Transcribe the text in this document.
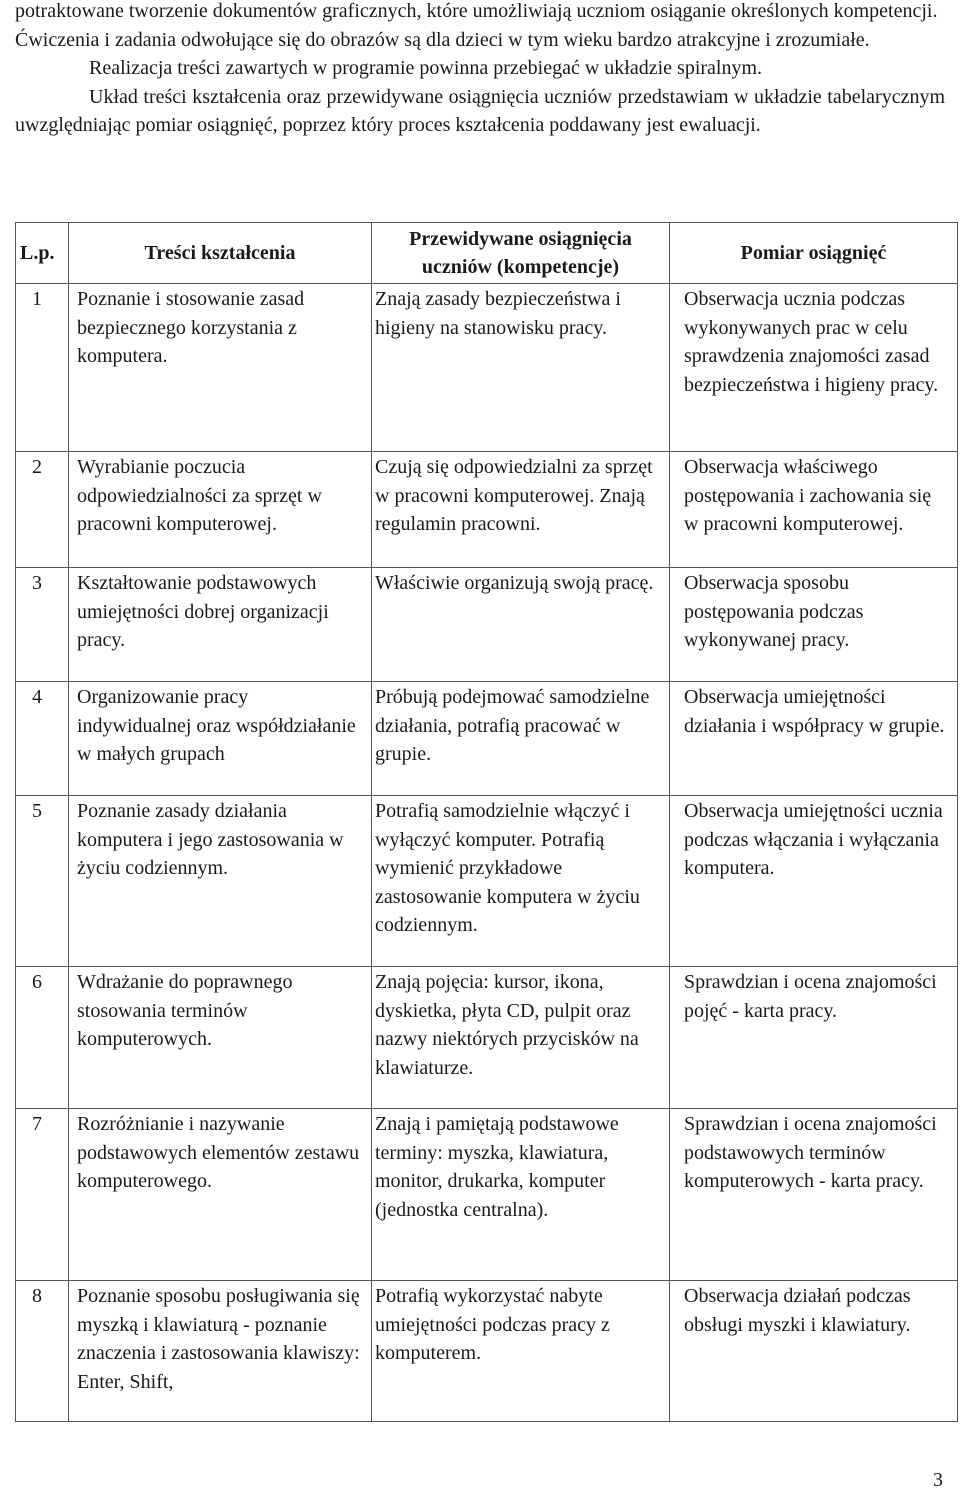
potraktowane tworzenie dokumentów graficznych, które umożliwiają uczniom osiąganie określonych kompetencji. Ćwiczenia i zadania odwołujące się do obrazów są dla dzieci w tym wieku bardzo atrakcyjne i zrozumiałe.

Realizacja treści zawartych w programie powinna przebiegać w układzie spiralnym.

Układ treści kształcenia oraz przewidywane osiągnięcia uczniów przedstawiam w układzie tabelarycznym uwzględniając pomiar osiągnięć, poprzez który proces kształcenia poddawany jest ewaluacji.

L.p.	Treści kształcenia	Przewidywane osiągnięcia uczniów (kompetencje)	Pomiar osiągnięć
1	Poznanie i stosowanie zasad bezpiecznego korzystania z komputera.	Znają zasady bezpieczeństwa i higieny na stanowisku pracy.	Obserwacja ucznia podczas wykonywanych prac w celu sprawdzenia znajomości zasad bezpieczeństwa i higieny pracy.
2	Wyrabianie poczucia odpowiedzialności za sprzęt w pracowni komputerowej.	Czują się odpowiedzialni za sprzęt w pracowni komputerowej. Znają regulamin pracowni.	Obserwacja właściwego postępowania i zachowania się w pracowni komputerowej.
3	Kształtowanie podstawowych umiejętności dobrej organizacji pracy.	Właściwie organizują swoją pracę.	Obserwacja sposobu postępowania podczas wykonywanej pracy.
4	Organizowanie pracy indywidualnej oraz współdziałanie w małych grupach	Próbują podejmować samodzielne działania, potrafią pracować w grupie.	Obserwacja umiejętności działania i współpracy w grupie.
5	Poznanie zasady działania komputera i jego zastosowania w życiu codziennym.	Potrafią samodzielnie włączyć i wyłączyć komputer. Potrafią wymienić przykładowe zastosowanie komputera w życiu codziennym.	Obserwacja umiejętności ucznia podczas włączania i wyłączania komputera.
6	Wdrażanie do poprawnego stosowania terminów komputerowych.	Znają pojęcia: kursor, ikona, dyskietka, płyta CD, pulpit oraz nazwy niektórych przycisków na klawiaturze.	Sprawdzian i ocena znajomości pojęć - karta pracy.
7	Rozróżnianie i nazywanie podstawowych elementów zestawu komputerowego.	Znają i pamiętają podstawowe terminy: myszka, klawiatura, monitor, drukarka, komputer (jednostka centralna).	Sprawdzian i ocena znajomości podstawowych terminów komputerowych - karta pracy.
8	Poznanie sposobu posługiwania się myszką i klawiaturą - poznanie znaczenia i zastosowania klawiszy: Enter, Shift,	Potrafią wykorzystać nabyte umiejętności podczas pracy z komputerem.	Obserwacja działań podczas obsługi myszki i klawiatury.
3
